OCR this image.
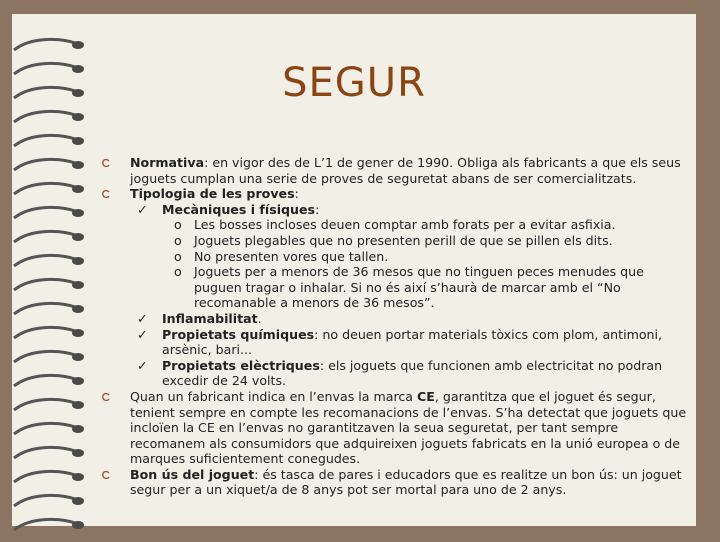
SEGUR
Normativa: en vigor des de L’1 de gener de 1990. Obliga als fabricants a que els seus joguets cumplan una serie de proves de seguretat abans de ser comercialitzats.
Tipologia de les proves:
✓ Mecàniques i físiques:
o Les bosses incloses deuen comptar amb forats per a evitar asfixia.
o Joguets plegables que no presenten perill de que se pillen els dits.
o No presenten vores que tallen.
o Joguets per a menors de 36 mesos que no tinguen peces menudes que puguen tragar o inhalar. Si no és així s’haurà de marcar amb el “No recomanable a menors de 36 mesos”.
✓ Inflamabilitat.
✓ Propietats químiques: no deuen portar materials tòxics com plom, antimoni, arsènic, bari...
✓ Propietats elèctriques: els joguets que funcionen amb electricitat no podran excedir de 24 volts.
Quan un fabricant indica en l’envas la marca CE, garantitza que el joguet és segur, tenient sempre en compte les recomanacions de l’envas. S’ha detectat que joguets que incloïen la CE en l’envas no garantitzaven la seua seguretat, per tant sempre recomanem als consumidors que adquireixen joguets fabricats en la unió europea o de marques suficientement conegudes.
Bon ús del joguet: és tasca de pares i educadors que es realitze un bon ús: un joguet segur per a un xiquet/a de 8 anys pot ser mortal para uno de 2 anys.
